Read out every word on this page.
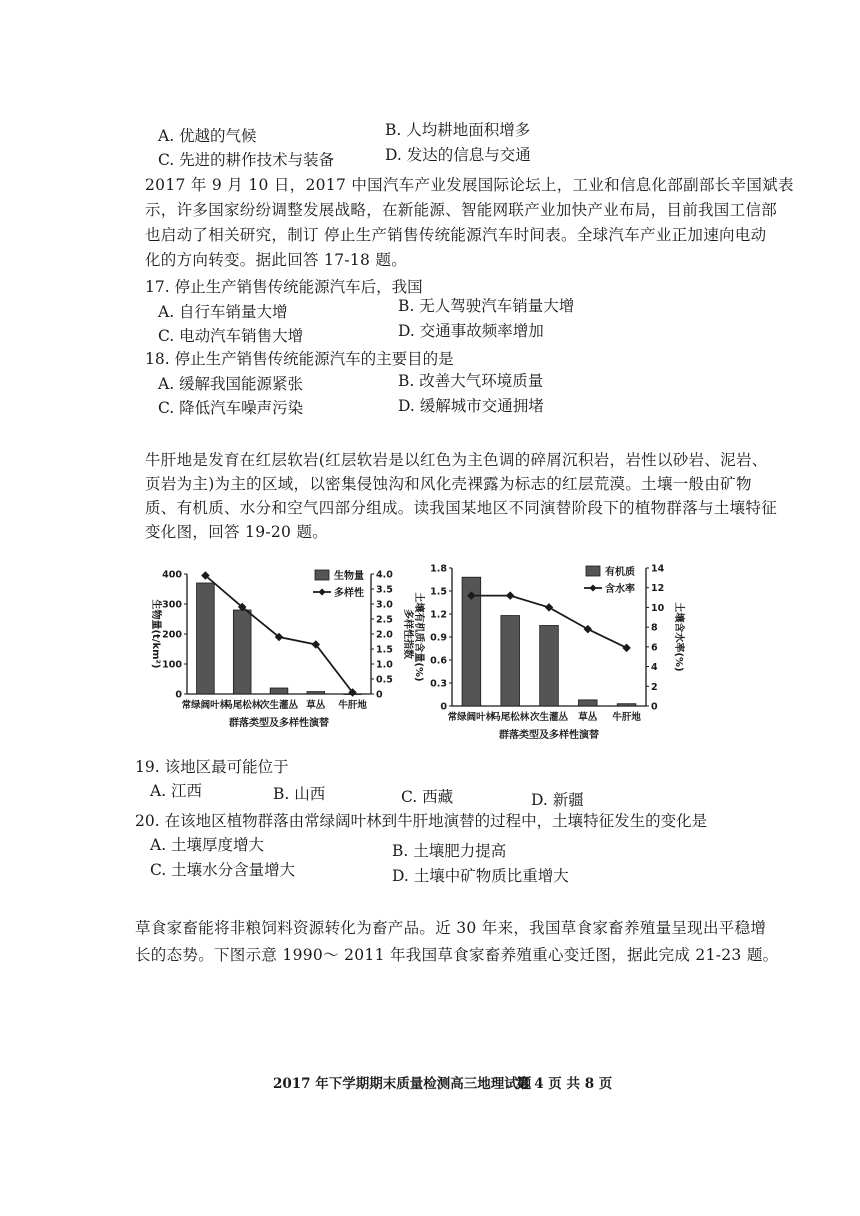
A. 优越的气候	B. 人均耕地面积增多
C. 先进的耕作技术与装备	D. 发达的信息与交通
2017 年 9 月 10 日，2017 中国汽车产业发展国际论坛上，工业和信息化部副部长辛国斌表
示，许多国家纷纷调整发展战略，在新能源、智能网联产业加快产业布局，目前我国工信部
也启动了相关研究，制订 停止生产销售传统能源汽车时间表。全球汽车产业正加速向电动
化的方向转变。据此回答 17-18 题。
17. 停止生产销售传统能源汽车后，我国
A. 自行车销量大增	B. 无人驾驶汽车销量大增
C. 电动汽车销售大增	D. 交通事故频率增加
18. 停止生产销售传统能源汽车的主要目的是
A. 缓解我国能源紧张	B. 改善大气环境质量
C. 降低汽车噪声污染	D. 缓解城市交通拥堵
牛肝地是发育在红层软岩(红层软岩是以红色为主色调的碎屑沉积岩，岩性以砂岩、泥岩、
页岩为主)为主的区域，以密集侵蚀沟和风化壳裸露为标志的红层荒漠。土壤一般由矿物
质、有机质、水分和空气四部分组成。读我国某地区不同演替阶段下的植物群落与土壤特征
变化图，回答 19-20 题。
0
100
200
300
400
0
0.5
1.0
1.5
2.0
2.5
3.0
3.5
4.0
常绿阔叶林
马尾松林
次生灌丛 草丛 牛肝地
群落类型及多样性演替
生物量(t/km²)	多样性指数
生物量
多样性
0
0.3
0.6
0.9
1.2
1.5
1.8
0
2
4
6
8
10
12
14
常绿阔叶林
马尾松林 次生灌丛 草丛 牛肝地
群落类型及多样性演替
土壤有机质含量(%)	土壤含水率(%)
有机质
含水率
19. 该地区最可能位于
A. 江西	B. 山西	C. 西藏	D. 新疆
20. 在该地区植物群落由常绿阔叶林到牛肝地演替的过程中，土壤特征发生的变化是
A. 土壤厚度增大	B. 土壤肥力提高
C. 土壤水分含量增大	D. 土壤中矿物质比重增大
草食家畜能将非粮饲料资源转化为畜产品。近 30 年来，我国草食家畜养殖量呈现出平稳增
长的态势。下图示意 1990～ 2011 年我国草食家畜养殖重心变迁图，据此完成 21-23 题。
2017 年下学期期末质量检测高三地理试题
第 4 页 共 8 页
